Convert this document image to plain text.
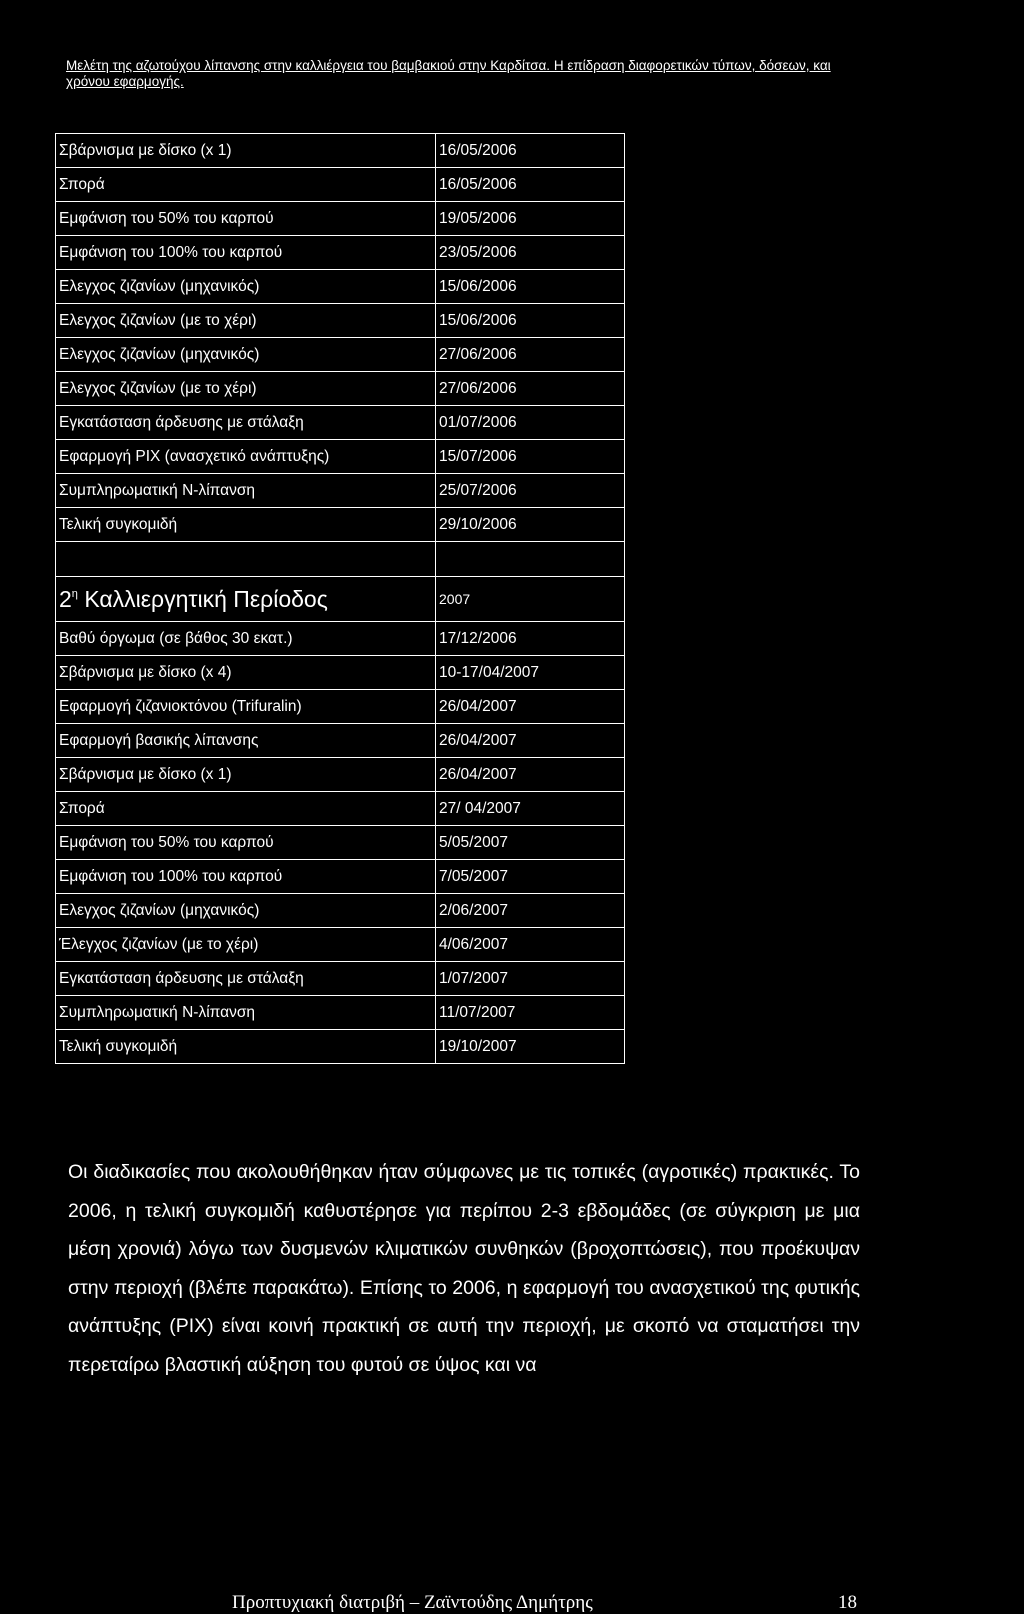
Μελέτη της αζωτούχου λίπανσης στην καλλιέργεια του βαμβακιού στην Καρδίτσα. Η επίδραση διαφορετικών τύπων, δόσεων, και χρόνου εφαρμογής.
Σβάρνισμα με δίσκο (x 1)	16/05/2006
Σπορά	16/05/2006
Εμφάνιση του 50% του καρπού	19/05/2006
Εμφάνιση του 100% του καρπού	23/05/2006
Ελεγχος ζιζανίων (μηχανικός)	15/06/2006
Ελεγχος ζιζανίων (με το χέρι)	15/06/2006
Ελεγχος ζιζανίων (μηχανικός)	27/06/2006
Ελεγχος ζιζανίων (με το χέρι)	27/06/2006
Εγκατάσταση άρδευσης με στάλαξη	01/07/2006
Εφαρμογή PIX (ανασχετικό ανάπτυξης)	15/07/2006
Συμπληρωματική Ν-λίπανση	25/07/2006
Τελική συγκομιδή	29/10/2006

$2^\eta$ Καλλιεργητική Περίοδος	2007
Βαθύ όργωμα (σε βάθος 30 εκατ.)	17/12/2006
Σβάρνισμα με δίσκο (x 4)	10-17/04/2007
Εφαρμογή ζιζανιοκτόνου (Trifuralin)	26/04/2007
Εφαρμογή βασικής λίπανσης	26/04/2007
Σβάρνισμα με δίσκο (x 1)	26/04/2007
Σπορά	27/ 04/2007
Εμφάνιση του 50% του καρπού	5/05/2007
Εμφάνιση του 100% του καρπού	7/05/2007
Ελεγχος ζιζανίων (μηχανικός)	2/06/2007
Έλεγχος ζιζανίων (με το χέρι)	4/06/2007
Εγκατάσταση άρδευσης με στάλαξη	1/07/2007
Συμπληρωματική Ν-λίπανση	11/07/2007
Τελική συγκομιδή	19/10/2007
Οι διαδικασίες που ακολουθήθηκαν ήταν σύμφωνες με τις τοπικές (αγροτικές) πρακτικές. Το 2006, η τελική συγκομιδή καθυστέρησε για περίπου 2-3 εβδομάδες (σε σύγκριση με μια μέση χρονιά) λόγω των δυσμενών κλιματικών συνθηκών (βροχοπτώσεις), που προέκυψαν στην περιοχή (βλέπε παρακάτω). Επίσης το 2006, η εφαρμογή του ανασχετικού της φυτικής ανάπτυξης (PIX) είναι κοινή πρακτική σε αυτή την περιοχή, με σκοπό να σταματήσει την περεταίρω βλαστική αύξηση του φυτού σε ύψος και να
Προπτυχιακή διατριβή – Ζαϊντούδης Δημήτρης	18
